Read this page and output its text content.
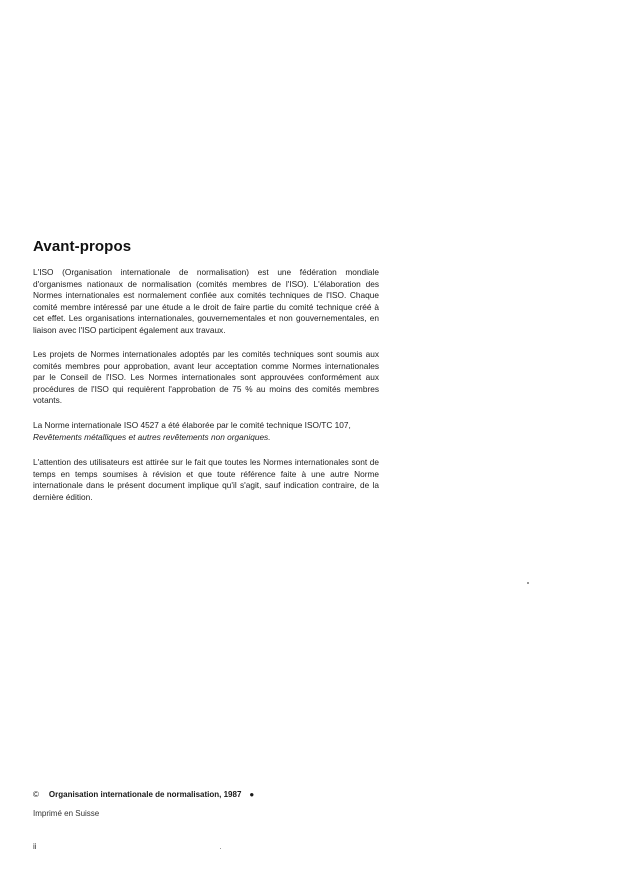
Avant-propos

L'ISO (Organisation internationale de normalisation) est une fédération mondiale d'organismes nationaux de normalisation (comités membres de l'ISO). L'élaboration des Normes internationales est normalement confiée aux comités techniques de l'ISO. Chaque comité membre intéressé par une étude a le droit de faire partie du comité technique créé à cet effet. Les organisations internationales, gouvernementales et non gouvernementales, en liaison avec l'ISO participent également aux travaux.

Les projets de Normes internationales adoptés par les comités techniques sont soumis aux comités membres pour approbation, avant leur acceptation comme Normes internationales par le Conseil de l'ISO. Les Normes internationales sont approuvées conformément aux procédures de l'ISO qui requièrent l'approbation de 75 % au moins des comités membres votants.

La Norme internationale ISO 4527 a été élaborée par le comité technique ISO/TC 107,
Revêtements métalliques et autres revêtements non organiques.

L'attention des utilisateurs est attirée sur le fait que toutes les Normes internationales sont de temps en temps soumises à révision et que toute référence faite à une autre Norme internationale dans le présent document implique qu'il s'agit, sauf indication contraire, de la dernière édition.

© Organisation internationale de normalisation, 1987 ●
Imprimé en Suisse
ii
